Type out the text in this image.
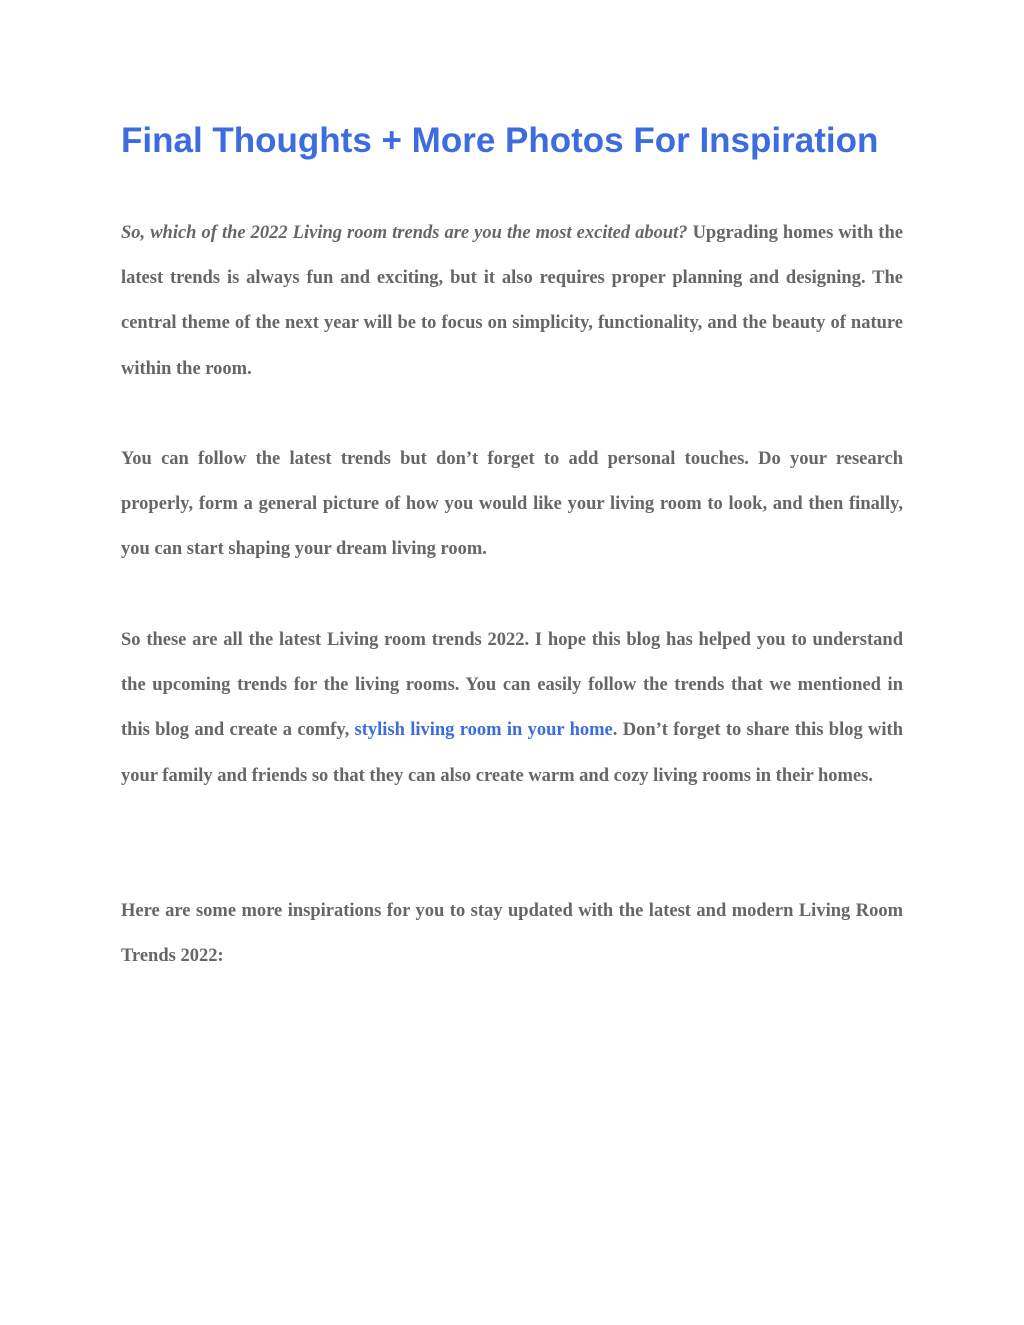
Final Thoughts + More Photos For Inspiration

So, which of the 2022 Living room trends are you the most excited about? Upgrading homes with the latest trends is always fun and exciting, but it also requires proper planning and designing. The central theme of the next year will be to focus on simplicity, functionality, and the beauty of nature within the room.

You can follow the latest trends but don’t forget to add personal touches. Do your research properly, form a general picture of how you would like your living room to look, and then finally, you can start shaping your dream living room.

So these are all the latest Living room trends 2022. I hope this blog has helped you to understand the upcoming trends for the living rooms. You can easily follow the trends that we mentioned in this blog and create a comfy, stylish living room in your home. Don’t forget to share this blog with your family and friends so that they can also create warm and cozy living rooms in their homes.

Here are some more inspirations for you to stay updated with the latest and modern Living Room Trends 2022:
